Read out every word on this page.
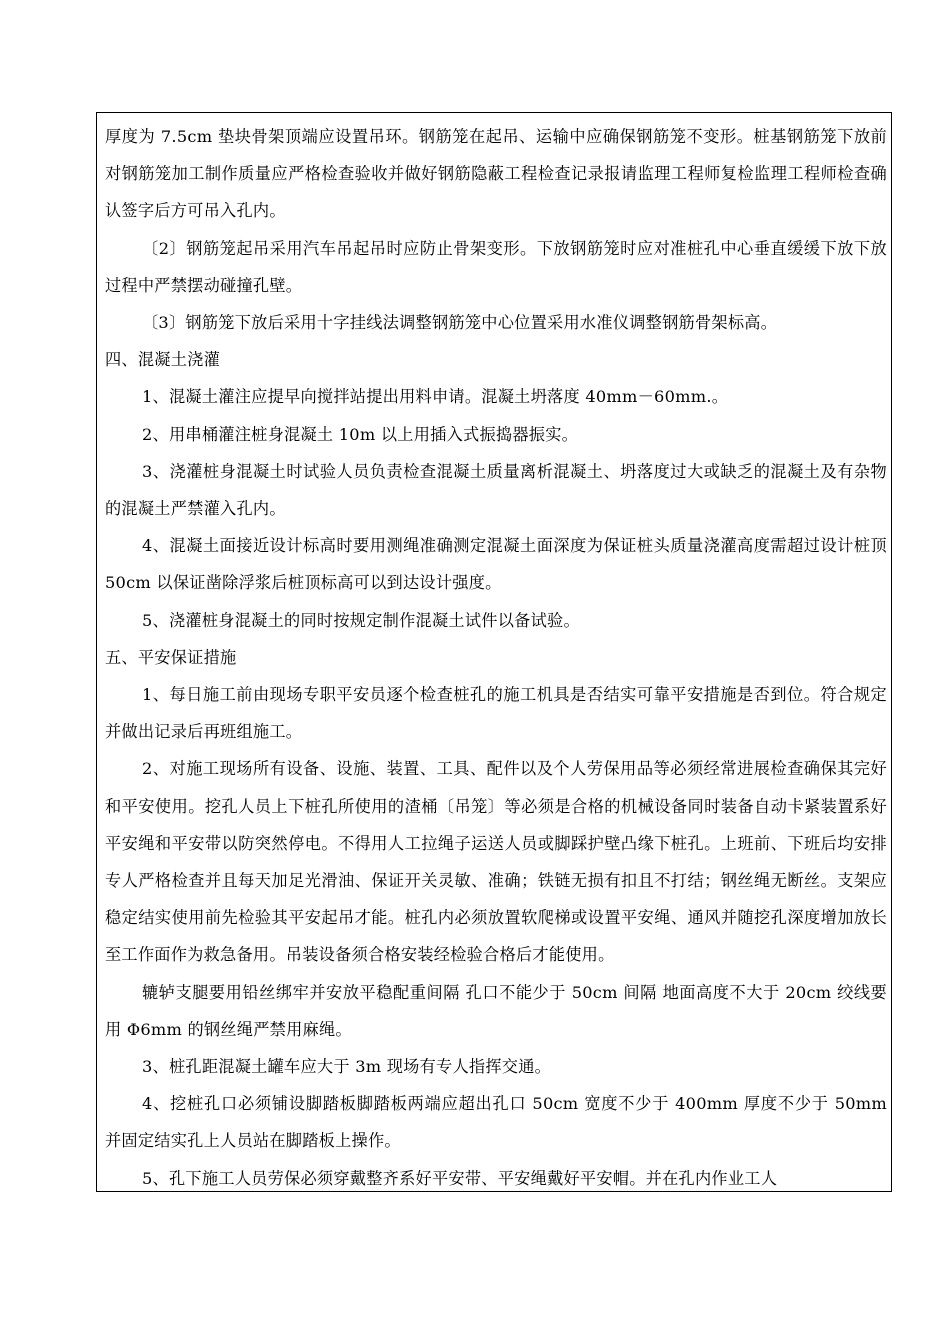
厚度为 7.5cm 垫块骨架顶端应设置吊环。钢筋笼在起吊、运输中应确保钢筋笼不变形。桩基钢筋笼下放前对钢筋笼加工制作质量应严格检查验收并做好钢筋隐蔽工程检查记录报请监理工程师复检监理工程师检查确认签字后方可吊入孔内。

〔2〕钢筋笼起吊采用汽车吊起吊时应防止骨架变形。下放钢筋笼时应对准桩孔中心垂直缓缓下放下放过程中严禁摆动碰撞孔壁。

〔3〕钢筋笼下放后采用十字挂线法调整钢筋笼中心位置采用水准仪调整钢筋骨架标高。

四、混凝土浇灌

1、混凝土灌注应提早向搅拌站提出用料申请。混凝土坍落度 40mm－60mm.。

2、用串桶灌注桩身混凝土 10m 以上用插入式振捣器振实。

3、浇灌桩身混凝土时试验人员负责检查混凝土质量离析混凝土、坍落度过大或缺乏的混凝土及有杂物的混凝土严禁灌入孔内。

4、混凝土面接近设计标高时要用测绳准确测定混凝土面深度为保证桩头质量浇灌高度需超过设计桩顶 50cm 以保证凿除浮浆后桩顶标高可以到达设计强度。

5、浇灌桩身混凝土的同时按规定制作混凝土试件以备试验。

五、平安保证措施

1、每日施工前由现场专职平安员逐个检查桩孔的施工机具是否结实可靠平安措施是否到位。符合规定并做出记录后再班组施工。

2、对施工现场所有设备、设施、装置、工具、配件以及个人劳保用品等必须经常进展检查确保其完好和平安使用。挖孔人员上下桩孔所使用的渣桶〔吊笼〕等必须是合格的机械设备同时装备自动卡紧装置系好平安绳和平安带以防突然停电。不得用人工拉绳子运送人员或脚踩护壁凸缘下桩孔。上班前、下班后均安排专人严格检查并且每天加足光滑油、保证开关灵敏、准确；铁链无损有扣且不打结；钢丝绳无断丝。支架应稳定结实使用前先检验其平安起吊才能。桩孔内必须放置软爬梯或设置平安绳、通风并随挖孔深度增加放长至工作面作为救急备用。吊装设备须合格安装经检验合格后才能使用。

辘轳支腿要用铅丝绑牢并安放平稳配重间隔 孔口不能少于 50cm 间隔 地面高度不大于 20cm 绞线要用 Φ6mm 的钢丝绳严禁用麻绳。

3、桩孔距混凝土罐车应大于 3m 现场有专人指挥交通。

4、挖桩孔口必须铺设脚踏板脚踏板两端应超出孔口 50cm 宽度不少于 400mm 厚度不少于 50mm 并固定结实孔上人员站在脚踏板上操作。

5、孔下施工人员劳保必须穿戴整齐系好平安带、平安绳戴好平安帽。并在孔内作业工人
